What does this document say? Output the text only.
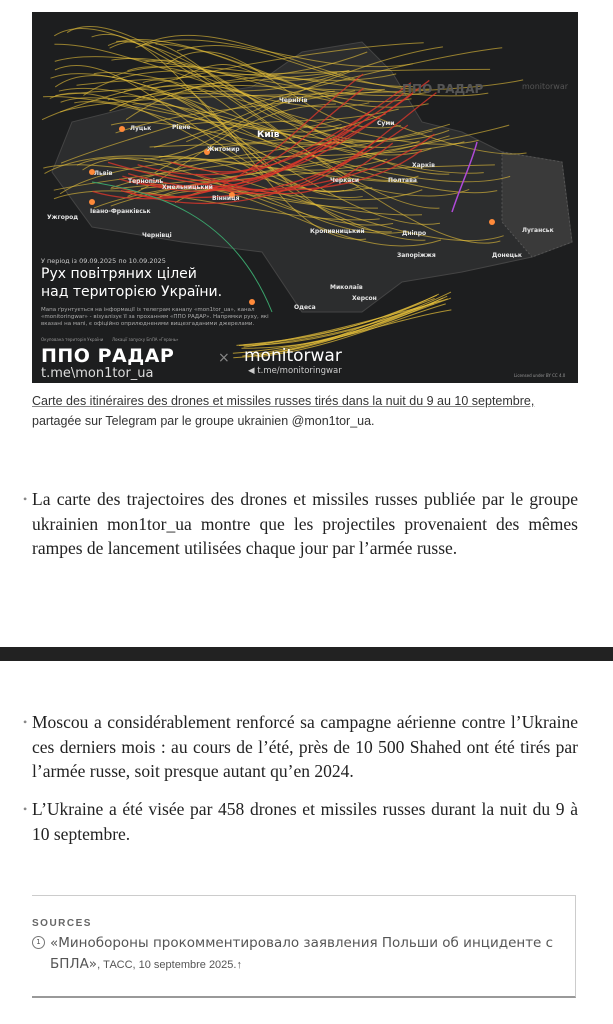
ППО РАДАР	monitorwar
Київ
Суми
Чернігів
Луцьк	Рівне
Житомир
Львів
Тернопіль
Хмельницький
Вінниця
Черкаси	Полтава
Харків
Івано-Франківськ
Ужгород
Чернівці
Кропивницький	Дніпро	Луганськ
Донецьк
Запоріжжя
Миколаїв
Херсон
Одеса
У період із 09.09.2025 по 10.09.2025
Рух повітряних цілей
над територією України.
Мапа ґрунтується на інформації із телеграм каналу «mon1tor_ua», канал «monitoringwar» - візуалізує її за проханням «ППО РАДАР». Напрямки руху, які вказані на мапі, є офіційно оприлюдненими вищезгаданими джерелами.
Окупована територія України Локації запуску БпЛА «Герань»
ППО РАДАР
t.me\mon1tor_ua
× monitorwar
◀ t.me/monitoringwar	Licensed under BY CC 4.0
Carte des itinéraires des drones et missiles russes tirés dans la nuit du 9 au 10 septembre,
partagée sur Telegram par le groupe ukrainien @mon1tor_ua.
• La carte des trajectoires des drones et missiles russes publiée par le groupe ukrainien mon1tor_ua montre que les projectiles provenaient des mêmes rampes de lancement utilisées chaque jour par l’armée russe.
• Moscou a considérablement renforcé sa campagne aérienne contre l’Ukraine ces derniers mois : au cours de l’été, près de 10 500 Shahed ont été tirés par l’armée russe, soit presque autant qu’en 2024.
• L’Ukraine a été visée par 458 drones et missiles russes durant la nuit du 9 à 10 septembre.
SOURCES
1 «Минобороны прокомментировало заявления Польши об инциденте с БПЛА», ТАСС, 10 septembre 2025.↑
